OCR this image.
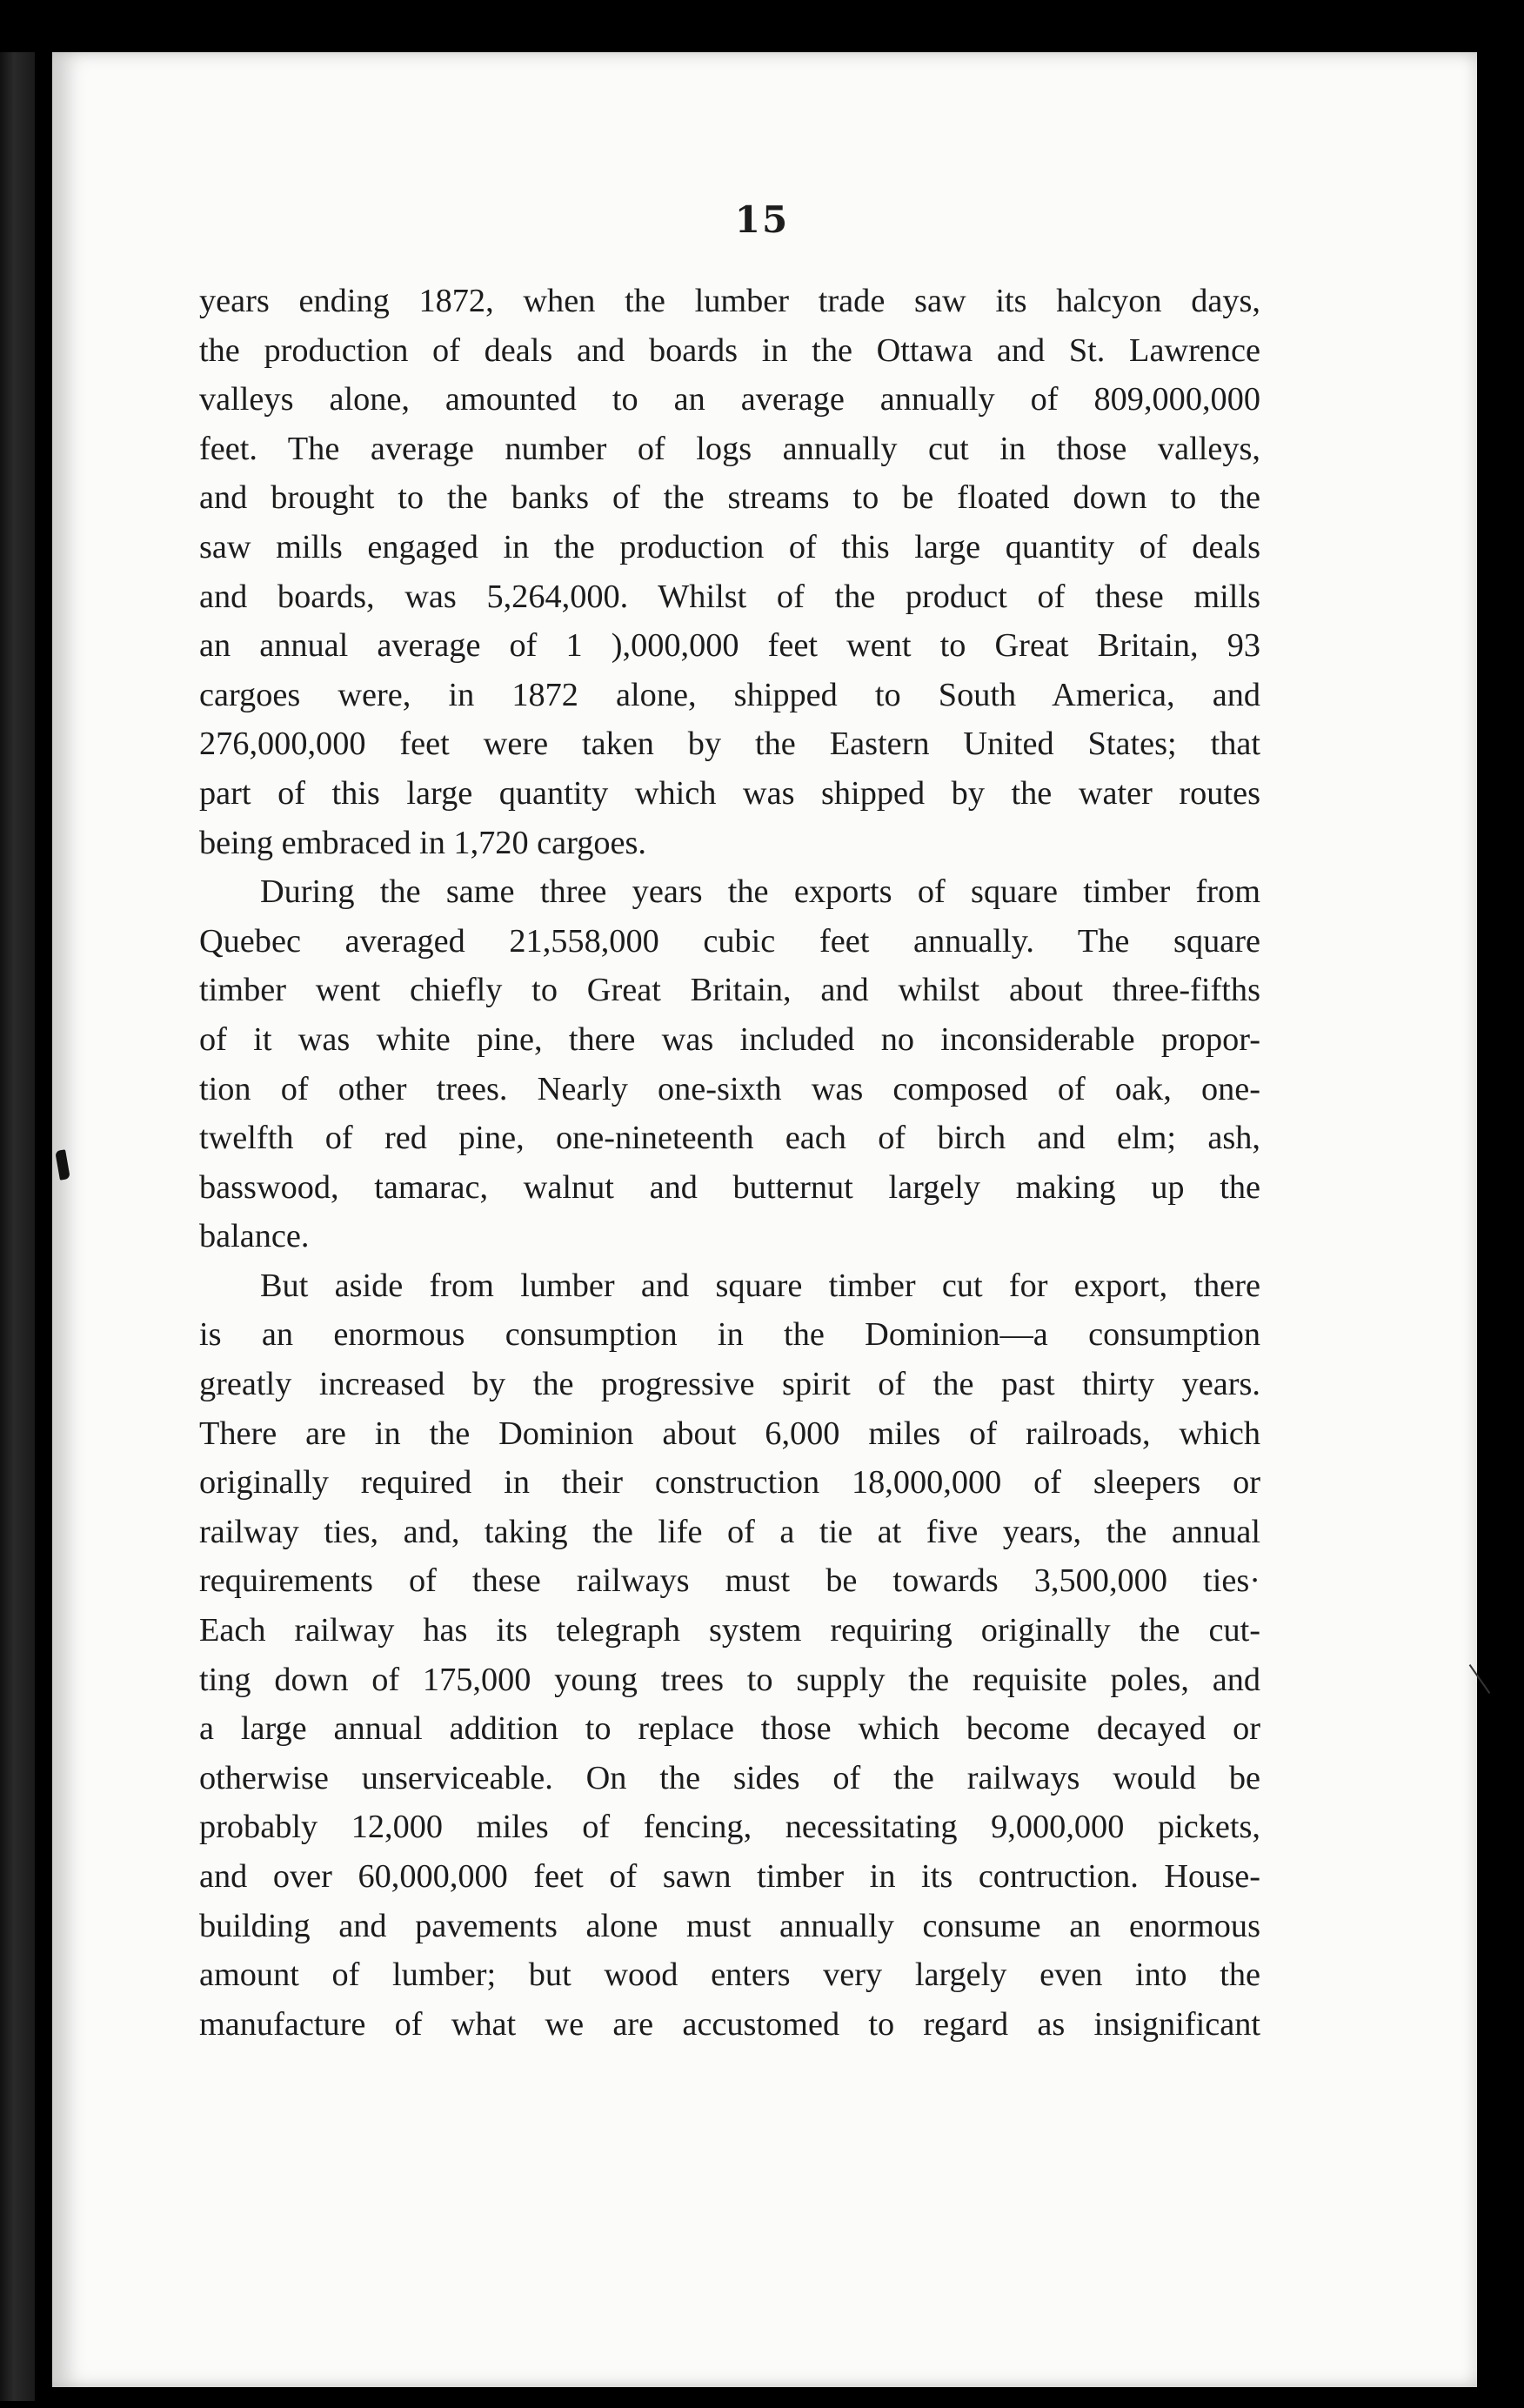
15
years ending 1872, when the lumber trade saw its halcyon days,
the production of deals and boards in the Ottawa and St. Lawrence
valleys alone, amounted to an average annually of 809,000,000
feet. The average number of logs annually cut in those valleys,
and brought to the banks of the streams to be floated down to the
saw mills engaged in the production of this large quantity of deals
and boards, was 5,264,000. Whilst of the product of these mills
an annual average of 1 ),000,000 feet went to Great Britain, 93
cargoes were, in 1872 alone, shipped to South America, and
276,000,000 feet were taken by the Eastern United States; that
part of this large quantity which was shipped by the water routes
being embraced in 1,720 cargoes.
During the same three years the exports of square timber from
Quebec averaged 21,558,000 cubic feet annually. The square
timber went chiefly to Great Britain, and whilst about three-fifths
of it was white pine, there was included no inconsiderable propor-
tion of other trees. Nearly one-sixth was composed of oak, one-
twelfth of red pine, one-nineteenth each of birch and elm; ash,
basswood, tamarac, walnut and butternut largely making up the
balance.
But aside from lumber and square timber cut for export, there
is an enormous consumption in the Dominion—a consumption
greatly increased by the progressive spirit of the past thirty years.
There are in the Dominion about 6,000 miles of railroads, which
originally required in their construction 18,000,000 of sleepers or
railway ties, and, taking the life of a tie at five years, the annual
requirements of these railways must be towards 3,500,000 ties·
Each railway has its telegraph system requiring originally the cut-
ting down of 175,000 young trees to supply the requisite poles, and
a large annual addition to replace those which become decayed or
otherwise unserviceable. On the sides of the railways would be
probably 12,000 miles of fencing, necessitating 9,000,000 pickets,
and over 60,000,000 feet of sawn timber in its contruction. House-
building and pavements alone must annually consume an enormous
amount of lumber; but wood enters very largely even into the
manufacture of what we are accustomed to regard as insignificant
